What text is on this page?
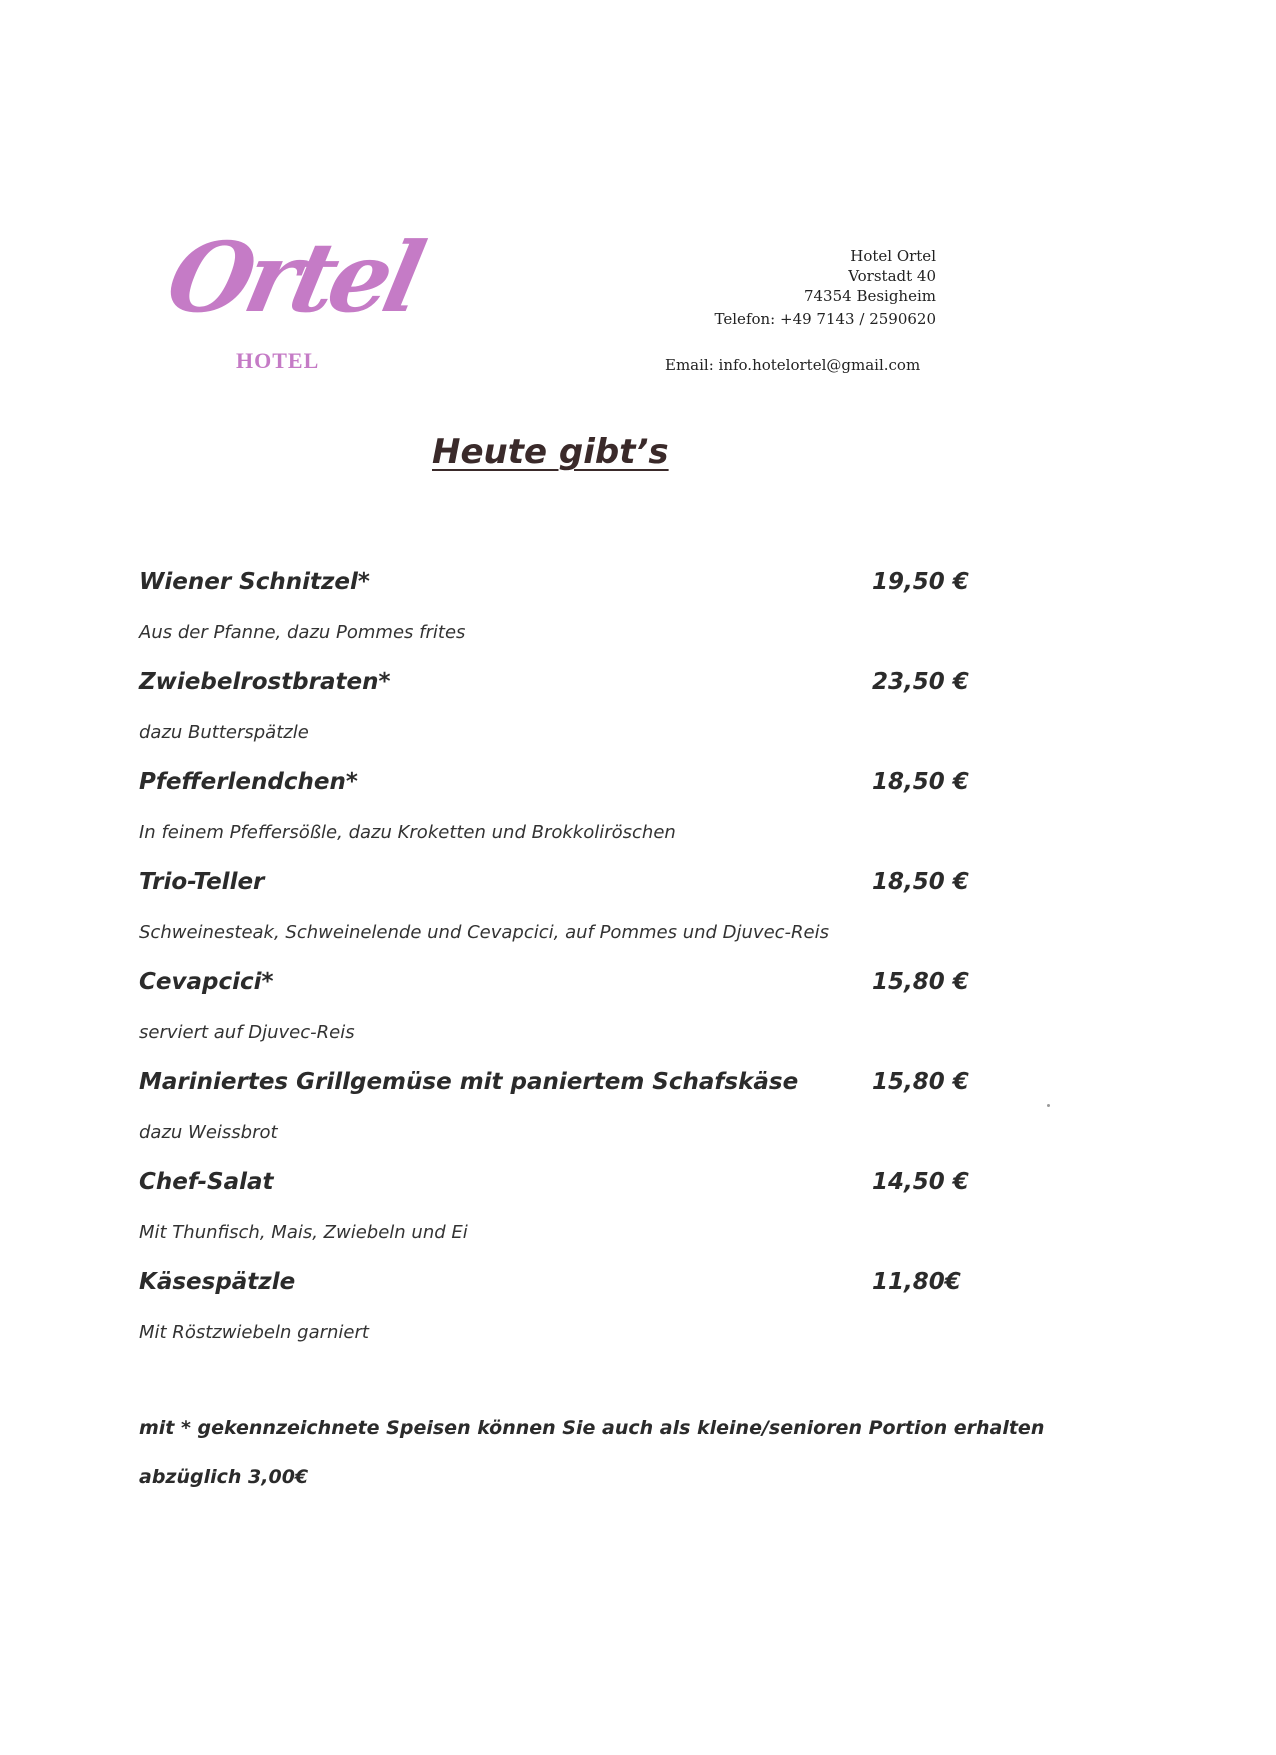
Ortel
HOTEL
Hotel Ortel
Vorstadt 40
74354 Besigheim
Telefon: +49 7143 / 2590620
Email: info.hotelortel@gmail.com
Heute gibt’s
Wiener Schnitzel*	19,50 €
Aus der Pfanne, dazu Pommes frites
Zwiebelrostbraten*	23,50 €
dazu Butterspätzle
Pfefferlendchen*	18,50 €
In feinem Pfeffersößle, dazu Kroketten und Brokkoliröschen
Trio-Teller	18,50 €
Schweinesteak, Schweinelende und Cevapcici, auf Pommes und Djuvec-Reis
Cevapcici*	15,80 €
serviert auf Djuvec-Reis
Mariniertes Grillgemüse mit paniertem Schafskäse	15,80 €
dazu Weissbrot
Chef-Salat	14,50 €
Mit Thunfisch, Mais, Zwiebeln und Ei
Käsespätzle	11,80€
Mit Röstzwiebeln garniert
mit * gekennzeichnete Speisen können Sie auch als kleine/senioren Portion erhalten
abzüglich 3,00€
